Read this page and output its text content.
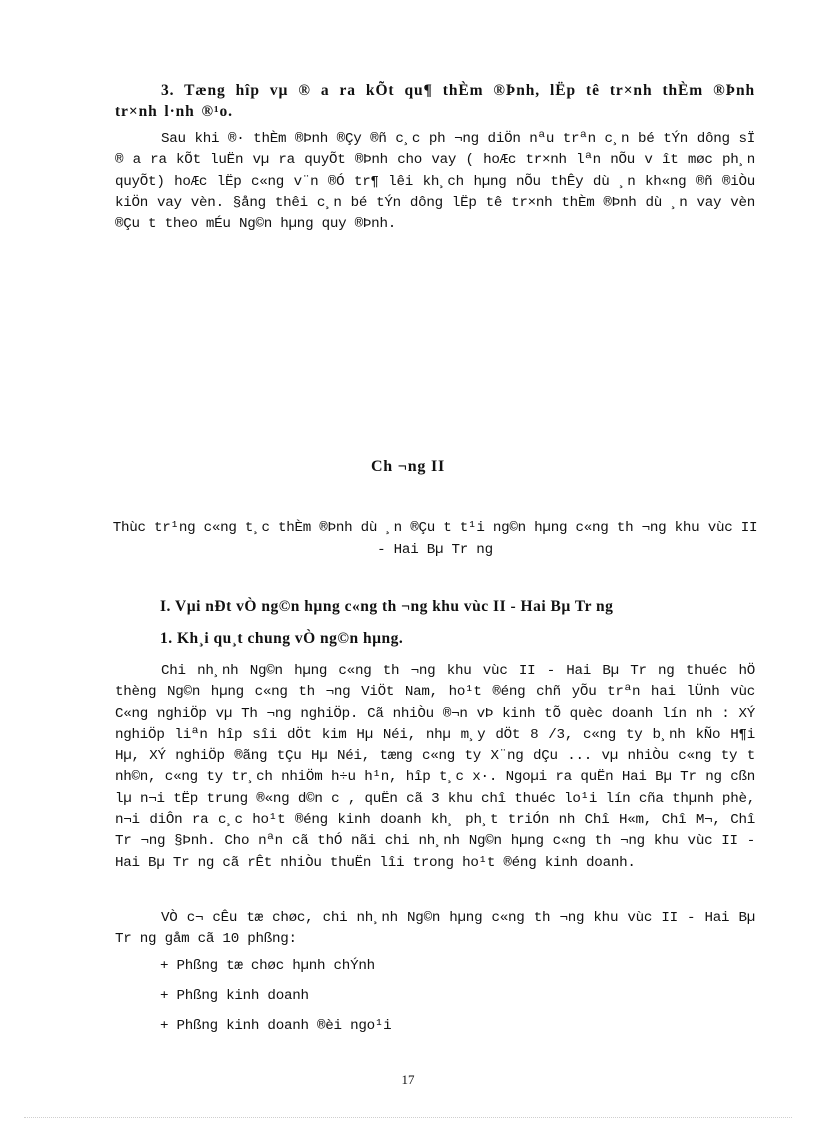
3. Tæng hîp vµ ® a ra kÕt qu¶ thÈm ®Þnh, lËp tê tr×nh thÈm ®Þnh tr×nh l·nh ®¹o.
Sau khi ®· thÈm ®Þnh ®Çy ®ñ c¸c ph ¬ng diÖn nªu trªn c¸n bé tÝn dông sÏ ® a ra kÕt luËn vµ ra quyÕt ®Þnh cho vay ( hoÆc tr×nh lªn nÕu v ît møc ph¸n quyÕt) hoÆc lËp c«ng v¨n ®Ó tr¶ lêi kh¸ch hµng nÕu thÊy dù ¸n kh«ng ®ñ ®iÒu kiÖn vay vèn. §ång thêi c¸n bé tÝn dông lËp tê tr×nh thÈm ®Þnh dù ¸n vay vèn ®Çu t theo mÉu Ng©n hµng quy ®Þnh.
Ch ¬ng II
Thùc tr¹ng c«ng t¸c thÈm ®Þnh dù ¸n ®Çu t t¹i ng©n hµng c«ng th ¬ng khu vùc II - Hai Bµ Tr ng
I. Vµi nÐt vÒ ng©n hµng c«ng th ¬ng khu vùc II - Hai Bµ Tr ng
1. Kh¸i qu¸t chung vÒ ng©n hµng.
Chi nh¸nh Ng©n hµng c«ng th ¬ng khu vùc II - Hai Bµ Tr ng thuéc hÖ thèng Ng©n hµng c«ng th ¬ng ViÖt Nam, ho¹t ®éng chñ yÕu trªn hai lÜnh vùc C«ng nghiÖp vµ Th ¬ng nghiÖp. Cã nhiÒu ®¬n vÞ kinh tÕ quèc doanh lín nh : XÝ nghiÖp liªn hîp sîi dÖt kim Hµ Néi, nhµ m¸y dÖt 8 /3, c«ng ty b¸nh kÑo H¶i Hµ, XÝ nghiÖp ®ãng tÇu Hµ Néi, tæng c«ng ty X¨ng dÇu ... vµ nhiÒu c«ng ty t nh©n, c«ng ty tr¸ch nhiÖm h÷u h¹n, hîp t¸c x·. Ngoµi ra quËn Hai Bµ Tr ng cßn lµ n¬i tËp trung ®«ng d©n c , quËn cã 3 khu chî thuéc lo¹i lín cña thµnh phè, n¬i diÔn ra c¸c ho¹t ®éng kinh doanh kh¸ ph¸t triÓn nh Chî H«m, Chî M¬, Chî Tr ¬ng §Þnh. Cho nªn cã thÓ nãi chi nh¸nh Ng©n hµng c«ng th ¬ng khu vùc II - Hai Bµ Tr ng cã rÊt nhiÒu thuËn lîi trong ho¹t ®éng kinh doanh.
VÒ c¬ cÊu tæ chøc, chi nh¸nh Ng©n hµng c«ng th ¬ng khu vùc II - Hai Bµ Tr ng gåm cã 10 phßng:
+ Phßng tæ chøc hµnh chÝnh
+ Phßng kinh doanh
+ Phßng kinh doanh ®èi ngo¹i
17
